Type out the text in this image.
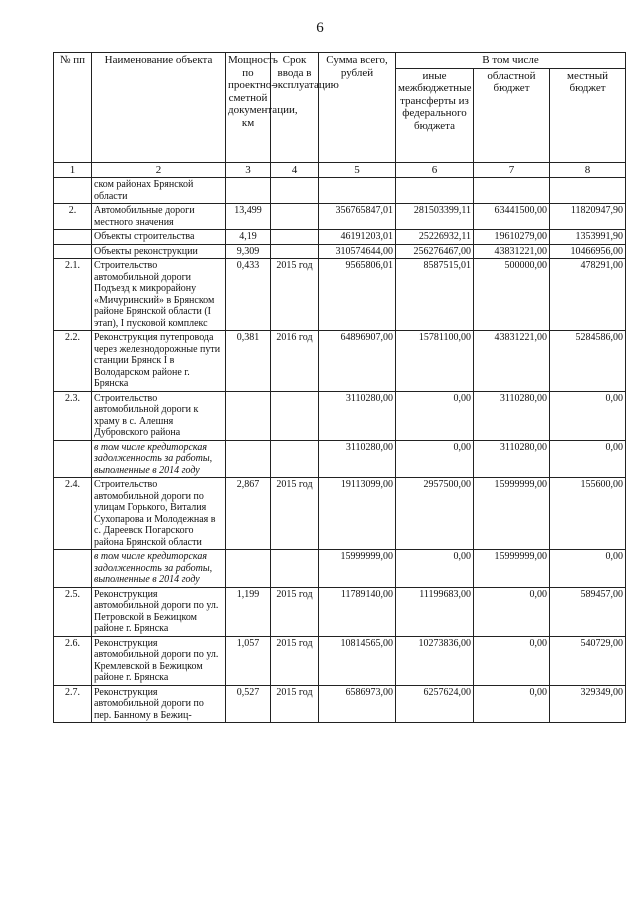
6
№ пп	Наименование объекта	Мощность по проектно-сметной документации, км	Срок ввода в эксплуатацию	Сумма всего, рублей	В том числе		
					иные межбюджетные трансферты из федерального бюджета	областной бюджет	местный бюджет
1	2	3	4	5	6	7	8
	ском районах Брянской области						
2.	Автомобильные дороги местного значения	13,499		356765847,01	281503399,11	63441500,00	11820947,90
	Объекты строительства	4,19		46191203,01	25226932,11	19610279,00	1353991,90
	Объекты реконструкции	9,309		310574644,00	256276467,00	43831221,00	10466956,00
2.1.	Строительство автомобильной дороги Подъезд к микрорайону «Мичуринский» в Брянском районе Брянской области (I этап), I пусковой комплекс	0,433	2015 год	9565806,01	8587515,01	500000,00	478291,00
2.2.	Реконструкция путепровода через железнодорожные пути станции Брянск I в Володарском районе г. Брянска	0,381	2016 год	64896907,00	15781100,00	43831221,00	5284586,00
2.3.	Строительство автомобильной дороги к храму в с. Алешня Дубровского района			3110280,00	0,00	3110280,00	0,00
	в том числе кредиторская задолженность за работы, выполненные в 2014 году			3110280,00	0,00	3110280,00	0,00
2.4.	Строительство автомобильной дороги по улицам Горького, Виталия Сухопарова и Молодежная в с. Дареевск Погарского района Брянской области	2,867	2015 год	19113099,00	2957500,00	15999999,00	155600,00
	в том числе кредиторская задолженность за работы, выполненные в 2014 году			15999999,00	0,00	15999999,00	0,00
2.5.	Реконструкция автомобильной дороги по ул. Петровской в Бежицком районе г. Брянска	1,199	2015 год	11789140,00	11199683,00	0,00	589457,00
2.6.	Реконструкция автомобильной дороги по ул. Кремлевской в Бежицком районе г. Брянска	1,057	2015 год	10814565,00	10273836,00	0,00	540729,00
2.7.	Реконструкция автомобильной дороги по пер. Банному в Бежиц-	0,527	2015 год	6586973,00	6257624,00	0,00	329349,00
